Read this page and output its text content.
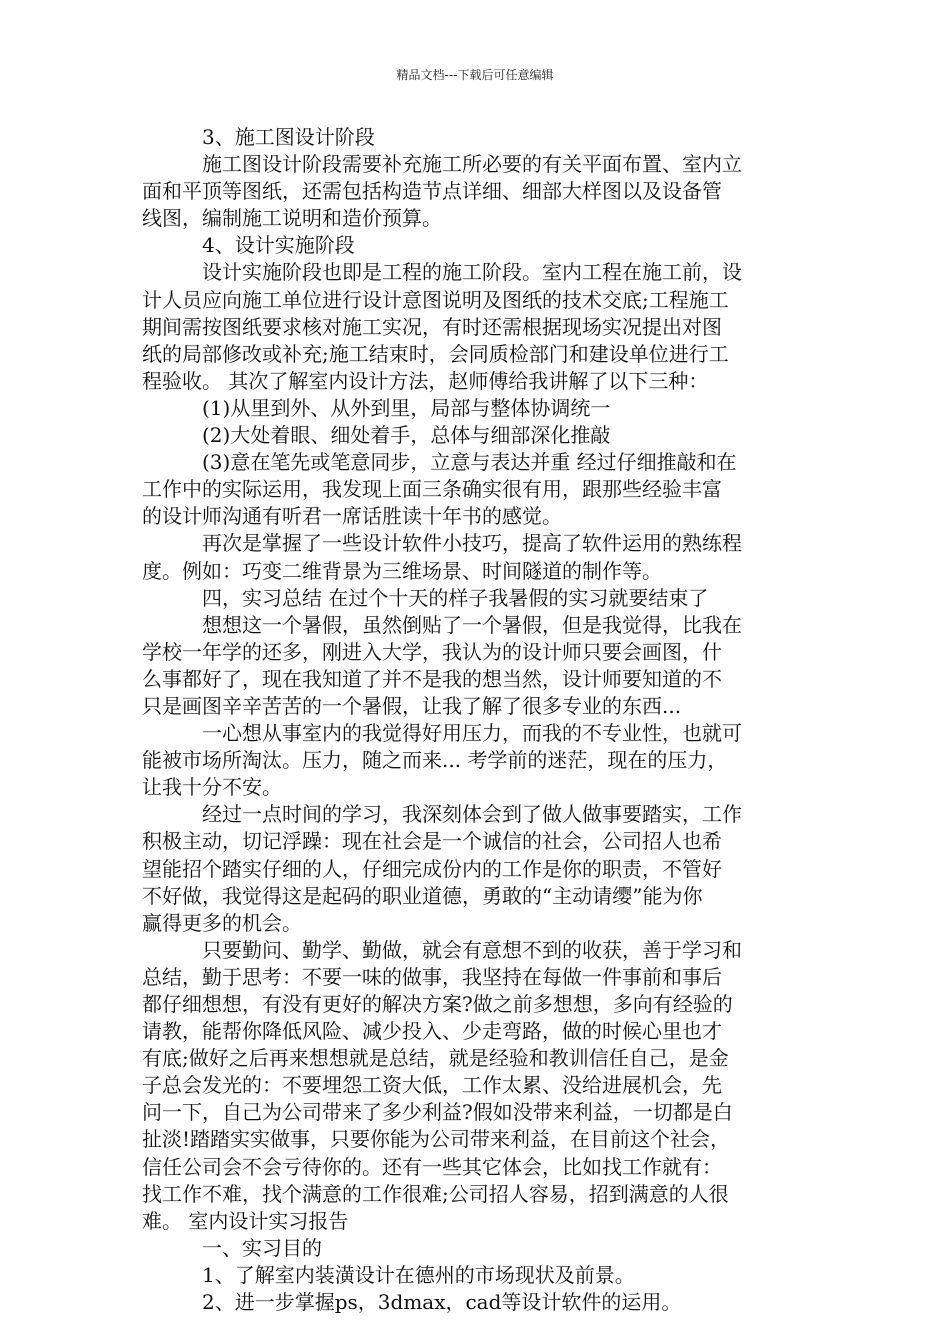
精品文档---下载后可任意编辑
3、施工图设计阶段
施工图设计阶段需要补充施工所必要的有关平面布置、室内立
面和平顶等图纸，还需包括构造节点详细、细部大样图以及设备管
线图，编制施工说明和造价预算。
4、设计实施阶段
设计实施阶段也即是工程的施工阶段。室内工程在施工前，设
计人员应向施工单位进行设计意图说明及图纸的技术交底;工程施工
期间需按图纸要求核对施工实况，有时还需根据现场实况提出对图
纸的局部修改或补充;施工结束时，会同质检部门和建设单位进行工
程验收。 其次了解室内设计方法，赵师傅给我讲解了以下三种：
(1)从里到外、从外到里，局部与整体协调统一
(2)大处着眼、细处着手，总体与细部深化推敲
(3)意在笔先或笔意同步，立意与表达并重 经过仔细推敲和在
工作中的实际运用，我发现上面三条确实很有用，跟那些经验丰富
的设计师沟通有听君一席话胜读十年书的感觉。
再次是掌握了一些设计软件小技巧，提高了软件运用的熟练程
度。例如：巧变二维背景为三维场景、时间隧道的制作等。
四，实习总结 在过个十天的样子我暑假的实习就要结束了
想想这一个暑假，虽然倒贴了一个暑假，但是我觉得，比我在
学校一年学的还多，刚进入大学，我认为的设计师只要会画图，什
么事都好了，现在我知道了并不是我的想当然，设计师要知道的不
只是画图辛辛苦苦的一个暑假，让我了解了很多专业的东西...
一心想从事室内的我觉得好用压力，而我的不专业性，也就可
能被市场所淘汰。压力，随之而来... 考学前的迷茫，现在的压力，
让我十分不安。
经过一点时间的学习，我深刻体会到了做人做事要踏实，工作
积极主动，切记浮躁：现在社会是一个诚信的社会，公司招人也希
望能招个踏实仔细的人，仔细完成份内的工作是你的职责，不管好
不好做，我觉得这是起码的职业道德，勇敢的“主动请缨”能为你
赢得更多的机会。
只要勤问、勤学、勤做，就会有意想不到的收获，善于学习和
总结，勤于思考：不要一味的做事，我坚持在每做一件事前和事后
都仔细想想，有没有更好的解决方案?做之前多想想，多向有经验的
请教，能帮你降低风险、减少投入、少走弯路，做的时候心里也才
有底;做好之后再来想想就是总结，就是经验和教训信任自己，是金
子总会发光的：不要埋怨工资大低，工作太累、没给进展机会，先
问一下，自己为公司带来了多少利益?假如没带来利益，一切都是白
扯淡!踏踏实实做事，只要你能为公司带来利益，在目前这个社会，
信任公司会不会亏待你的。还有一些其它体会，比如找工作就有：
找工作不难，找个满意的工作很难;公司招人容易，招到满意的人很
难。 室内设计实习报告
一、实习目的
1、了解室内装潢设计在德州的市场现状及前景。
2、进一步掌握ps，3dmax，cad等设计软件的运用。
